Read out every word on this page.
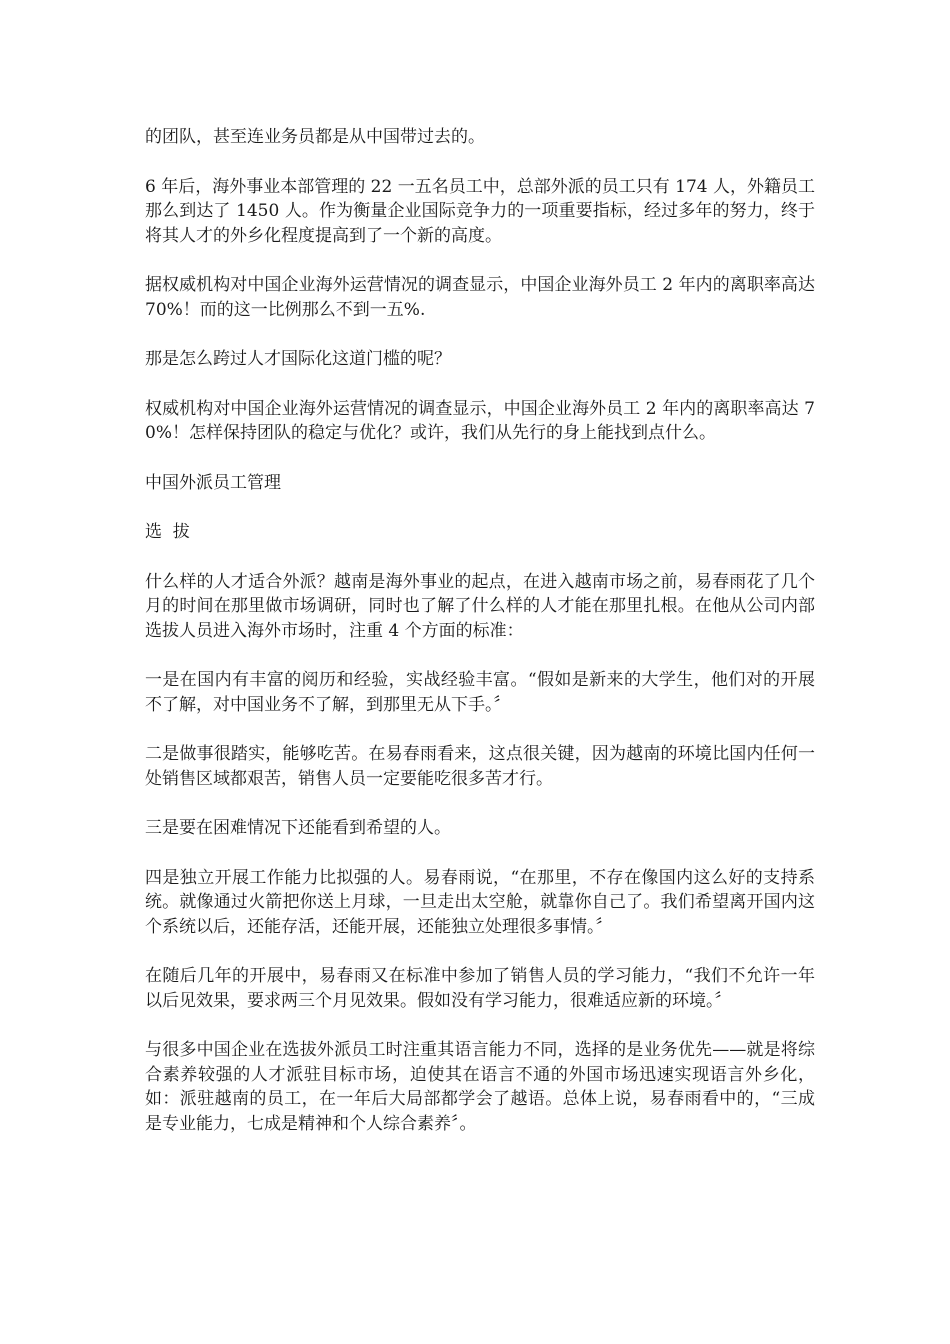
的团队，甚至连业务员都是从中国带过去的。

6 年后，海外事业本部管理的 22 一五名员工中，总部外派的员工只有 174 人，外籍员工那么到达了 1450 人。作为衡量企业国际竞争力的一项重要指标，经过多年的努力，终于将其人才的外乡化程度提高到了一个新的高度。

据权威机构对中国企业海外运营情况的调查显示，中国企业海外员工 2 年内的离职率高达 70%！而的这一比例那么不到一五%.

那是怎么跨过人才国际化这道门槛的呢？

权威机构对中国企业海外运营情况的调查显示，中国企业海外员工 2 年内的离职率高达 70%！怎样保持团队的稳定与优化？或许，我们从先行的身上能找到点什么。

中国外派员工管理

选  拔

什么样的人才适合外派？越南是海外事业的起点，在进入越南市场之前，易春雨花了几个月的时间在那里做市场调研，同时也了解了什么样的人才能在那里扎根。在他从公司内部选拔人员进入海外市场时，注重 4 个方面的标准：

一是在国内有丰富的阅历和经验，实战经验丰富。“假如是新来的大学生，他们对的开展不了解，对中国业务不了解，到那里无从下手。〞

二是做事很踏实，能够吃苦。在易春雨看来，这点很关键，因为越南的环境比国内任何一处销售区域都艰苦，销售人员一定要能吃很多苦才行。

三是要在困难情况下还能看到希望的人。

四是独立开展工作能力比拟强的人。易春雨说，“在那里，不存在像国内这么好的支持系统。就像通过火箭把你送上月球，一旦走出太空舱，就靠你自己了。我们希望离开国内这个系统以后，还能存活，还能开展，还能独立处理很多事情。〞

在随后几年的开展中，易春雨又在标准中参加了销售人员的学习能力，“我们不允许一年以后见效果，要求两三个月见效果。假如没有学习能力，很难适应新的环境。〞

与很多中国企业在选拔外派员工时注重其语言能力不同，选择的是业务优先——就是将综合素养较强的人才派驻目标市场，迫使其在语言不通的外国市场迅速实现语言外乡化，如：派驻越南的员工，在一年后大局部都学会了越语。总体上说，易春雨看中的，“三成是专业能力，七成是精神和个人综合素养〞。
